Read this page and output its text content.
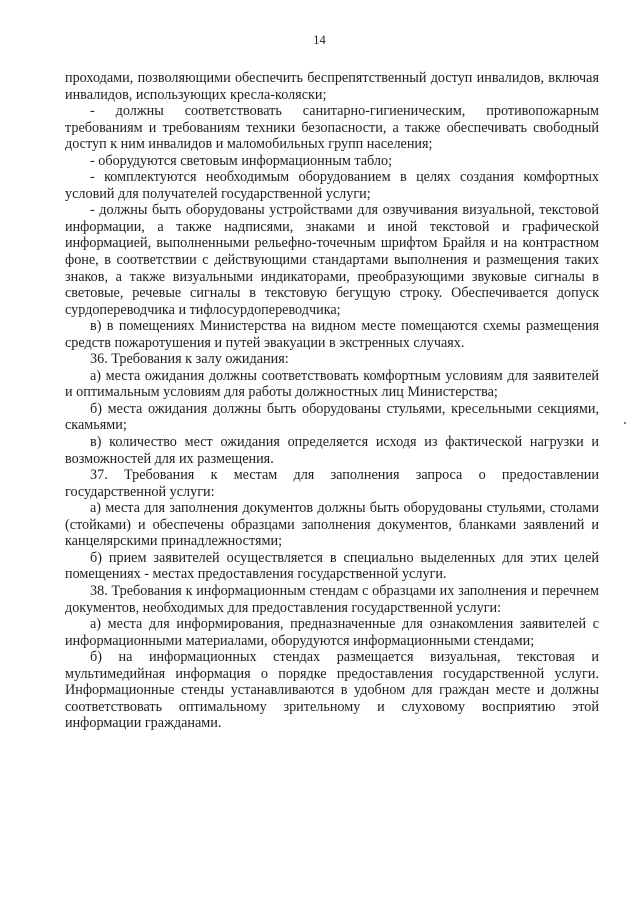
14

проходами, позволяющими обеспечить беспрепятственный доступ инвалидов, включая инвалидов, использующих кресла-коляски;

- должны соответствовать санитарно-гигиеническим, противопожарным требованиям и требованиям техники безопасности, а также обеспечивать свободный доступ к ним инвалидов и маломобильных групп населения;

- оборудуются световым информационным табло;

- комплектуются необходимым оборудованием в целях создания комфортных условий для получателей государственной услуги;

- должны быть оборудованы устройствами для озвучивания визуальной, текстовой информации, а также надписями, знаками и иной текстовой и графической информацией, выполненными рельефно-точечным шрифтом Брайля и на контрастном фоне, в соответствии с действующими стандартами выполнения и размещения таких знаков, а также визуальными индикаторами, преобразующими звуковые сигналы в световые, речевые сигналы в текстовую бегущую строку. Обеспечивается допуск сурдопереводчика и тифлосурдопереводчика;

в) в помещениях Министерства на видном месте помещаются схемы размещения средств пожаротушения и путей эвакуации в экстренных случаях.

36. Требования к залу ожидания:

а) места ожидания должны соответствовать комфортным условиям для заявителей и оптимальным условиям для работы должностных лиц Министерства;

б) места ожидания должны быть оборудованы стульями, кресельными секциями, скамьями;

в) количество мест ожидания определяется исходя из фактической нагрузки и возможностей для их размещения.

37. Требования к местам для заполнения запроса о предоставлении государственной услуги:

а) места для заполнения документов должны быть оборудованы стульями, столами (стойками) и обеспечены образцами заполнения документов, бланками заявлений и канцелярскими принадлежностями;

б) прием заявителей осуществляется в специально выделенных для этих целей помещениях - местах предоставления государственной услуги.

38. Требования к информационным стендам с образцами их заполнения и перечнем документов, необходимых для предоставления государственной услуги:

а) места для информирования, предназначенные для ознакомления заявителей с информационными материалами, оборудуются информационными стендами;

б) на информационных стендах размещается визуальная, текстовая и мультимедийная информация о порядке предоставления государственной услуги. Информационные стенды устанавливаются в удобном для граждан месте и должны соответствовать оптимальному зрительному и слуховому восприятию этой информации гражданами.
